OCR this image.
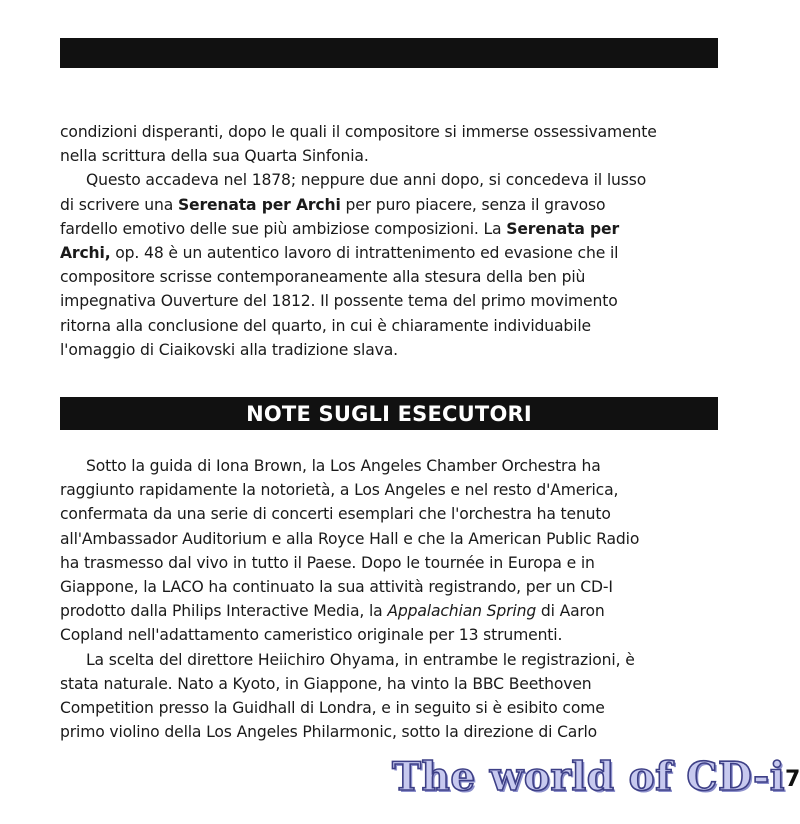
condizioni disperanti, dopo le quali il compositore si immerse ossessivamente
nella scrittura della sua Quarta Sinfonia.

Questo accadeva nel 1878; neppure due anni dopo, si concedeva il lusso
di scrivere una Serenata per Archi per puro piacere, senza il gravoso
fardello emotivo delle sue più ambiziose composizioni. La Serenata per
Archi, op. 48 è un autentico lavoro di intrattenimento ed evasione che il
compositore scrisse contemporaneamente alla stesura della ben più
impegnativa Ouverture del 1812. Il possente tema del primo movimento
ritorna alla conclusione del quarto, in cui è chiaramente individuabile
l'omaggio di Ciaikovski alla tradizione slava.

NOTE SUGLI ESECUTORI

Sotto la guida di Iona Brown, la Los Angeles Chamber Orchestra ha
raggiunto rapidamente la notorietà, a Los Angeles e nel resto d'America,
confermata da una serie di concerti esemplari che l'orchestra ha tenuto
all'Ambassador Auditorium e alla Royce Hall e che la American Public Radio
ha trasmesso dal vivo in tutto il Paese. Dopo le tournée in Europa e in
Giappone, la LACO ha continuato la sua attività registrando, per un CD-I
prodotto dalla Philips Interactive Media, la Appalachian Spring di Aaron
Copland nell'adattamento cameristico originale per 13 strumenti.

La scelta del direttore Heiichiro Ohyama, in entrambe le registrazioni, è
stata naturale. Nato a Kyoto, in Giappone, ha vinto la BBC Beethoven
Competition presso la Guidhall di Londra, e in seguito si è esibito come
primo violino della Los Angeles Philarmonic, sotto la direzione di Carlo

The world of CD-i 7
